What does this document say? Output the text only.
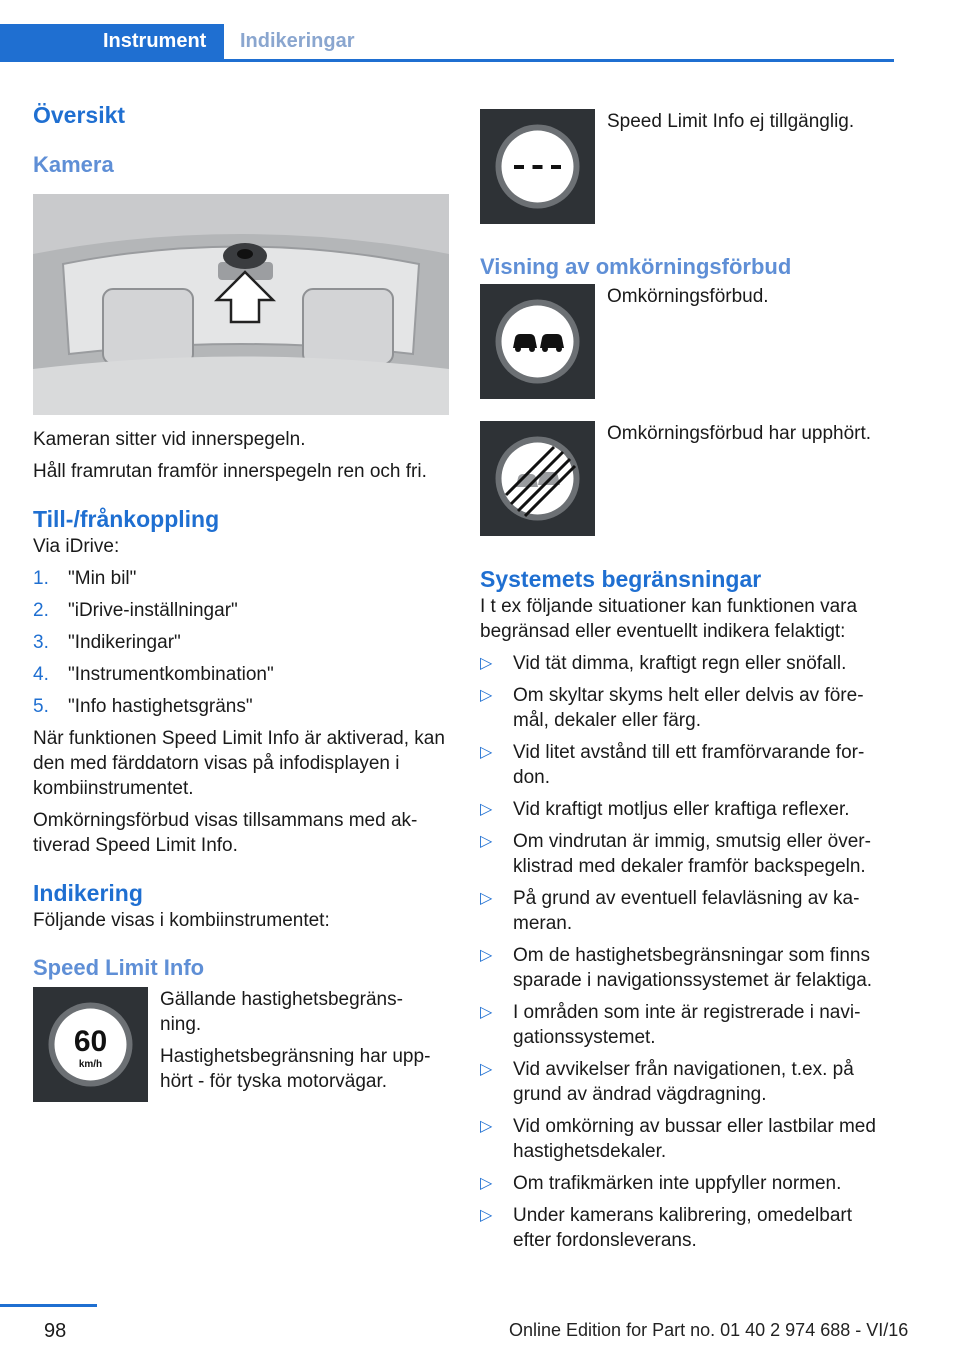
Instrument	Indikeringar
Översikt
Kamera

Kameran sitter vid innerspegeln.

Håll framrutan framför innerspegeln ren och fri.

Till-/frånkoppling

Via iDrive:

1. "Min bil"
2. "iDrive-inställningar"
3. "Indikeringar"
4. "Instrumentkombination"
5. "Info hastighetsgräns"

När funktionen Speed Limit Info är aktiverad, kan den med färddatorn visas på infodisplayen i kombiinstrumentet.

Omkörningsförbud visas tillsammans med ak‐ tiverad Speed Limit Info.

Indikering

Följande visas i kombiinstrumentet:

Speed Limit Info
60
km/h

Gällande hastighetsbegräns‐ ning.

Hastighetsbegränsning har upp‐ hört - för tyska motorvägar.

Speed Limit Info ej tillgänglig.

Visning av omkörningsförbud

Omkörningsförbud.

Omkörningsförbud har upphört.

Systemets begränsningar

I t ex följande situationer kan funktionen vara begränsad eller eventuellt indikera felaktigt:

▷ Vid tät dimma, kraftigt regn eller snöfall.
▷ Om skyltar skyms helt eller delvis av före‐ mål, dekaler eller färg.
▷ Vid litet avstånd till ett framförvarande for‐ don.
▷ Vid kraftigt motljus eller kraftiga reflexer.
▷ Om vindrutan är immig, smutsig eller över‐ klistrad med dekaler framför backspegeln.
▷ På grund av eventuell felavläsning av ka‐ meran.
▷ Om de hastighetsbegränsningar som finns sparade i navigationssystemet är felaktiga.
▷ I områden som inte är registrerade i navi‐ gationssystemet.
▷ Vid avvikelser från navigationen, t.ex. på grund av ändrad vägdragning.
▷ Vid omkörning av bussar eller lastbilar med hastighetsdekaler.
▷ Om trafikmärken inte uppfyller normen.
▷ Under kamerans kalibrering, omedelbart efter fordonsleverans.
98	Online Edition for Part no. 01 40 2 974 688 - VI/16
